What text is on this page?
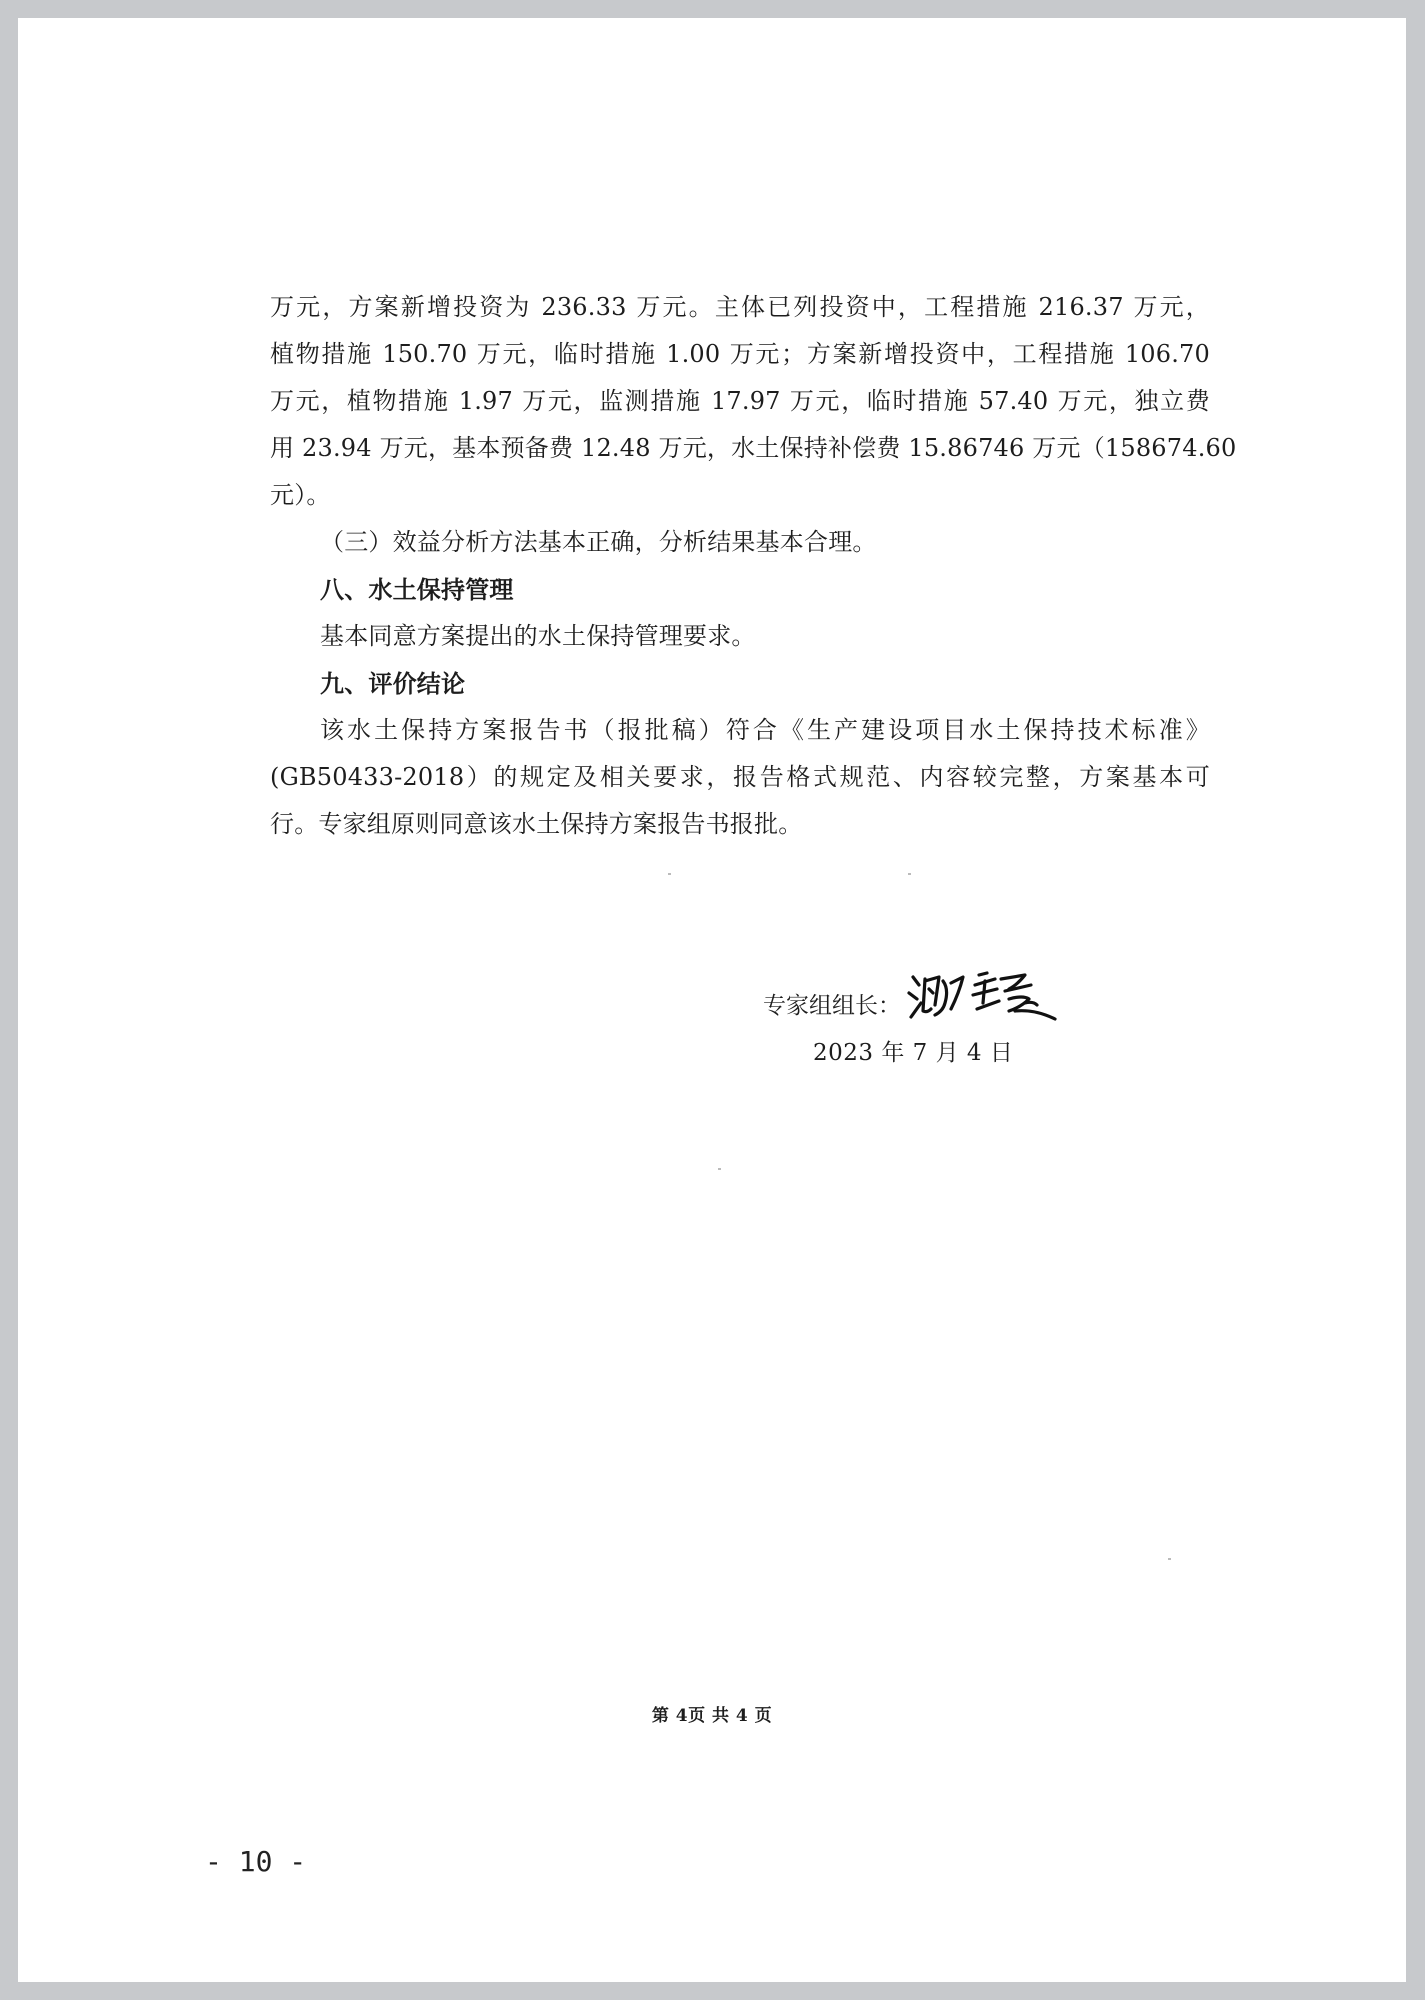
万元，方案新增投资为 236.33 万元。主体已列投资中，工程措施 216.37 万元，
植物措施 150.70 万元，临时措施 1.00 万元；方案新增投资中，工程措施 106.70
万元，植物措施 1.97 万元，监测措施 17.97 万元，临时措施 57.40 万元，独立费
用 23.94 万元，基本预备费 12.48 万元，水土保持补偿费 15.86746 万元（158674.60
元）。
（三）效益分析方法基本正确，分析结果基本合理。
八、水土保持管理
基本同意方案提出的水土保持管理要求。
九、评价结论
该水土保持方案报告书（报批稿）符合《生产建设项目水土保持技术标准》
(GB50433-2018）的规定及相关要求，报告格式规范、内容较完整，方案基本可
行。专家组原则同意该水土保持方案报告书报批。
专家组组长：
2023 年 7 月 4 日
第 4页 共 4 页
- 10 -
